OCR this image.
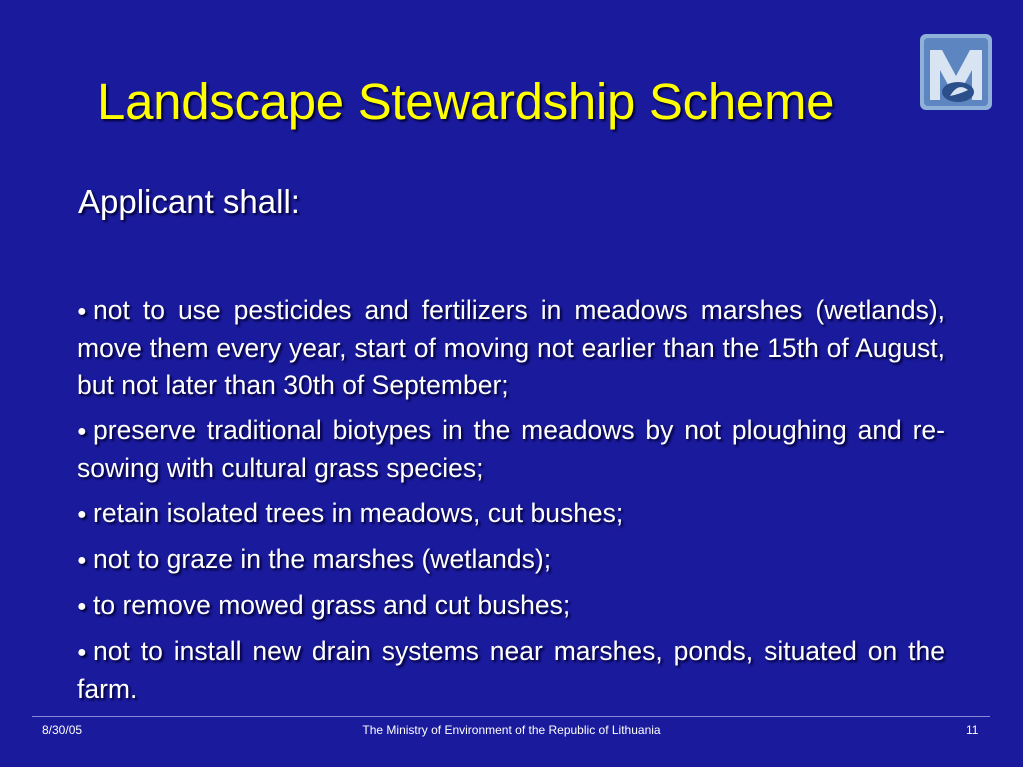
Landscape Stewardship Scheme
Applicant shall:
● not to use pesticides and fertilizers in meadows marshes (wetlands), move them every year, start of moving not earlier than the 15th of August, but not later than 30th of September;
● preserve traditional biotypes in the meadows by not ploughing and re-sowing with cultural grass species;
● retain isolated trees in meadows, cut bushes;
● not to graze in the marshes (wetlands);
● to remove mowed grass and cut bushes;
● not to install new drain systems near marshes, ponds, situated on the farm.
8/30/05	The Ministry of Environment of the Republic of Lithuania	11
